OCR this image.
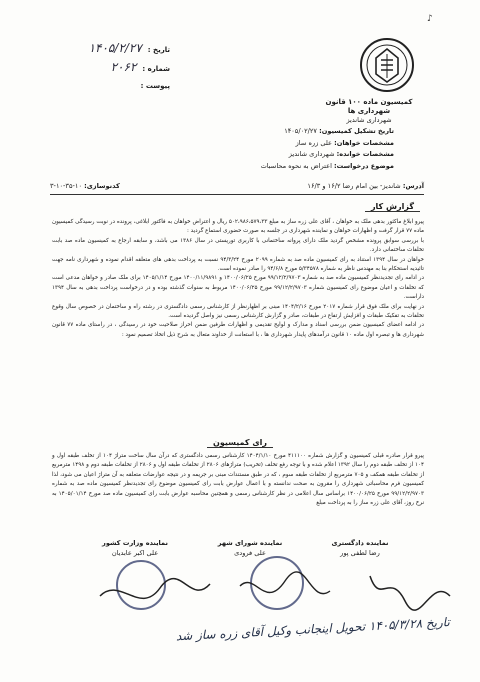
♪
کمیسیون ماده ۱۰۰ قانون شهرداری ها
شهرداری شاندیز
تاریخ :
۱۴۰۵/۲/۲۷
شماره :
۲۰۶۲
پیوست :
تاریخ تشکیل کمیسیون: ۱۴۰۵/۰۲/۲۷
مشخصات خواهان: علی زره ساز
مشخصات خوانده: شهرداری شاندیز
موضوع درخواست: اعتراض به نحوه محاسبات
آدرس: شاندیز- بین امام رضا ۱۶/۲ و ۱۶/۳
کدنوسازی: ۱۰-۳۵-۱۰-۳
گزارش کار

پیرو ابلاغ ماکثور بدهی ملک به خواهان ، آقای علی زره ساز به مبلغ ۵۰۲،۹۸۶،۵۷۹،۳۳ ریال و اعتراض خواهان به فاکتور ابلاغی، پرونده در نوبت رسیدگی کمیسیون ماده ۷۷ قرار گرفت و اظهارات خواهان و نماینده شهرداری در جلسه به صورت حضوری استماع گردید :

با بررسی سوابق پرونده مشخص گردید ملک دارای پروانه ساختمانی با کاربری توریستی در سال ۱۳۸۶ می باشد، و سابقه ارجاع به کمیسیون ماده صد بابت تخلفات ساختمانی دارد.

خواهان در سال ۱۳۹۴ استناد به رای کمیسیون ماده صد به شماره ۲۰۹۹ مورخ ۹۴/۳/۲۴ نسبت به پرداخت بدهی های متعلقه اقدام نموده و شهرداری نامه جهت تائیدیه استحکام بنا به مهندس ناظر به شماره ۵/۳۴۵۷۸ مورخ ۹۴/۶/۸ را صادر نموده است.

در ادامه رای تجدیدنظر کمیسیون ماده صد به شماره ۹۹/۱۲/۲/۹۷۰۳ مورخ ۱۴۰۰/۰۶/۲۵ و ۱۴۰۰/۱۱/۹۸۹۱ مورخ ۱۴۰۵/۱/۱۴ برای ملک صادر و خواهان مدعی است که تخلفات و اعیان موضوع رای کمیسیون شماره ۹۹/۱۲/۲/۹۷۰۳ مورخ ۱۴۰۰/۰۶/۲۵ مربوط به سنوات گذشته بوده و در درخواست پرداخت بدهی به سال ۱۳۹۴ داراست.

در نهایت برای ملک فوق قرار شماره ۲۰۱۷ مورخ ۱۴۰۴/۲/۱۶ مبنی بر اظهارنظر از کارشناس رسمی دادگستری در رشته راه و ساختمان در خصوص سال وقوع تخلفات به تفکیک طبقات و افزایش ارتفاع در طبقات، صادر و گزارش کارشناس رسمی نیز واصل گردیده است.

در ادامه اعضای کمیسیون ضمن بررسی اسناد و مدارک و لوایح تقدیمی و اظهارات طرفین ضمن احراز صلاحیت خود در رسیدگی ، در راستای ماده ۷۷ قانون شهرداری ها و تبصره اول ماده ۱۰ قانون درآمدهای پایدار شهرداری ها ، با استعانت از خداوند متعال به شرح ذیل اتخاذ تصمیم نمود :

رای کمیسیون

پیرو قرار صادره قبلی کمیسیون و گزارش شماره ۴۱۱۱۰۰ مورخ ۱۴۰۴/۱/۱۰ کارشناس رسمی دادگستری که درآن سال ساخت متراژ ۱۰۴ از تخلف طبقه اول و ۱۰۴ از تخلف طبقه دوم را سال ۱۳۹۲ اعلام شده و با توجه رفع تخلف (تخریب) متراژهای ۲۸۰۶ از تخلفات طبقه اول و ۲۸۰۶ از تخلفات طبقه دوم و ۱۴۹۸ مترمربع از تخلفات طبقه همکف و ۷۰۵ مترمربع از تخلفات طبقه سوم ، که در طبق مستندات مبنی بر جریمه و در نتیجه عوارضات متعلقه به آن متراژ اعیان می شود، لذا کمیسیون فرم محاسباتی شهرداری را مقرون به صحت ندانسته و با اعمال عوارض بابت رای کمیسیون موضوع رای تجدیدنظر کمیسیون ماده صد به شماره ۹۹/۱۲/۲/۹۷۰۳ مورخ ۱۴۰۰/۰۶/۲۵ براساس سال اعلامی در نظر کارشناس رسمی و همچنین محاسبه عوارض بابت رای کمیسیون ماده صد مورخ ۱۴۰۵/۰۱/۱۴ به نرخ روز، آقای علی زره ساز را به پرداخت مبلغ

نماینده دادگستری
رضا لطفی پور
نماینده شورای شهر
علی فرودی
نماینده وزارت کشور
علی اکبر عابدیان
تاریخ ۱۴۰۵/۳/۲۸ تحویل اینجانب وکیل آقای زره ساز شد
